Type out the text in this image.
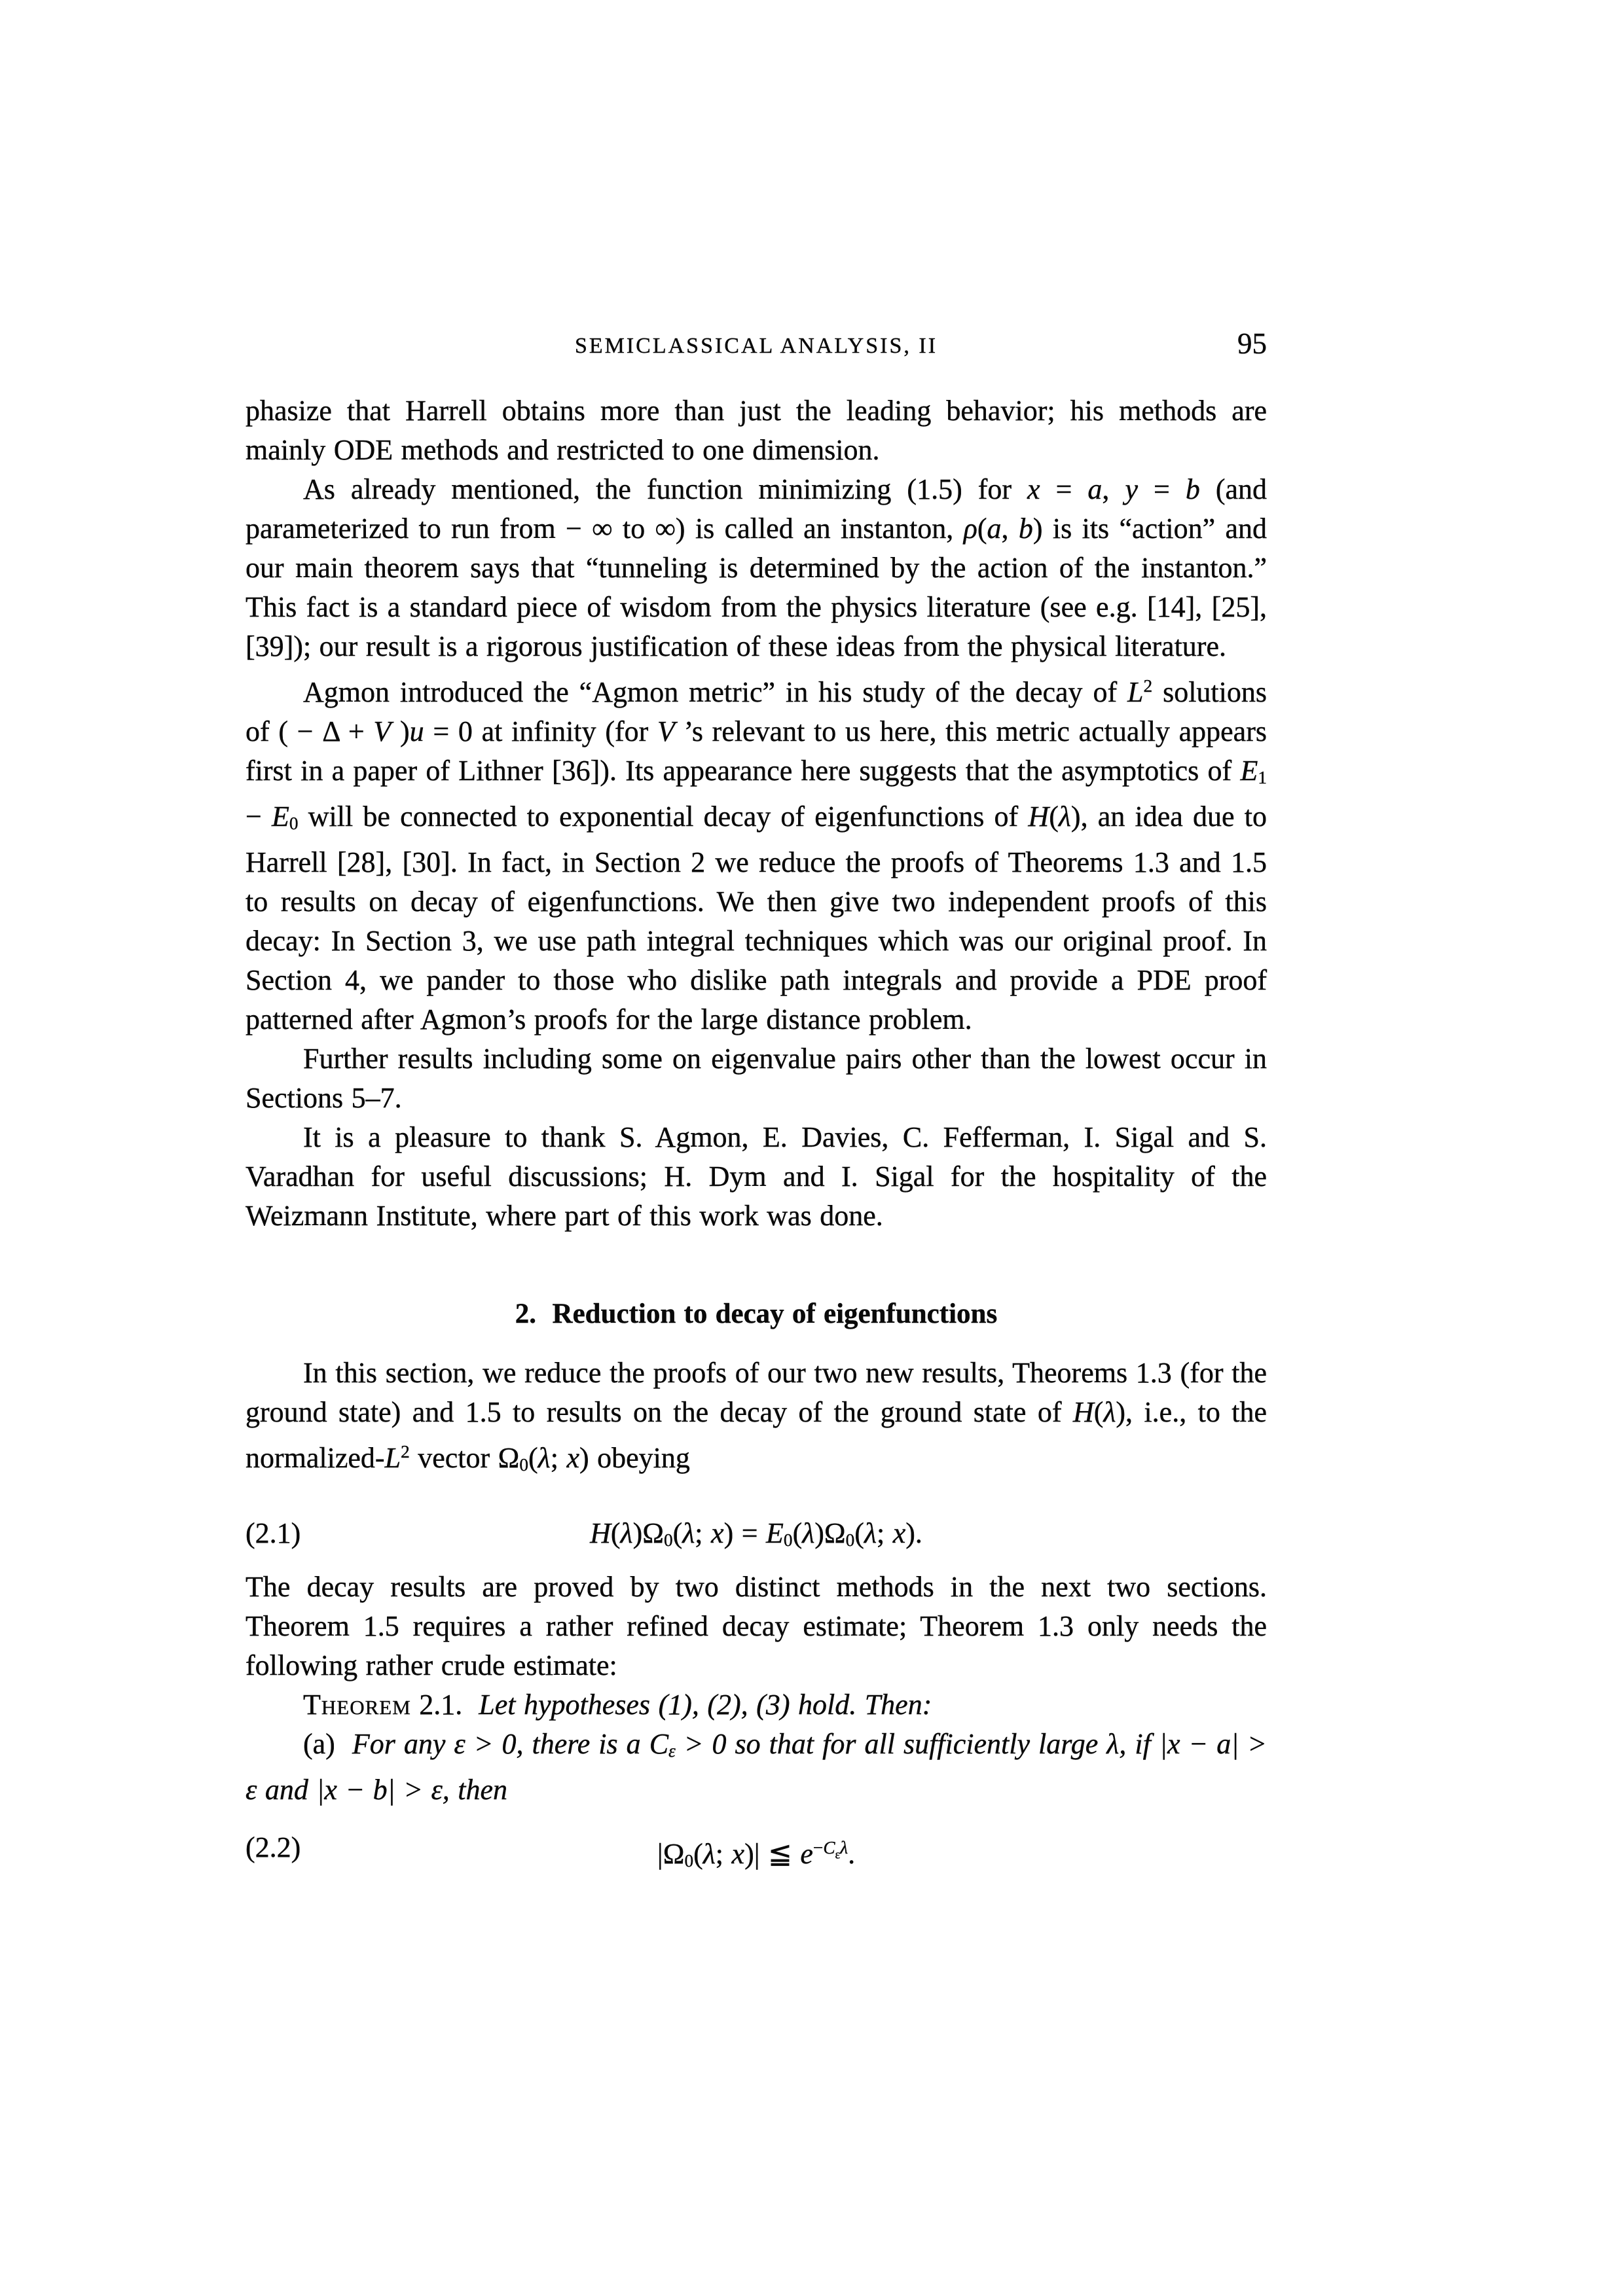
SEMICLASSICAL ANALYSIS, II	95

phasize that Harrell obtains more than just the leading behavior; his methods are mainly ODE methods and restricted to one dimension.

As already mentioned, the function minimizing (1.5) for x = a, y = b (and parameterized to run from − ∞ to ∞) is called an instanton, ρ(a, b) is its “action” and our main theorem says that “tunneling is determined by the action of the instanton.” This fact is a standard piece of wisdom from the physics literature (see e.g. [14], [25], [39]); our result is a rigorous justification of these ideas from the physical literature.

Agmon introduced the “Agmon metric” in his study of the decay of $L^2$ solutions of ( − Δ + V )u = 0 at infinity (for V ’s relevant to us here, this metric actually appears first in a paper of Lithner [36]). Its appearance here suggests that the asymptotics of E1 − E0 will be connected to exponential decay of eigenfunctions of H(λ), an idea due to Harrell [28], [30]. In fact, in Section 2 we reduce the proofs of Theorems 1.3 and 1.5 to results on decay of eigenfunctions. We then give two independent proofs of this decay: In Section 3, we use path integral techniques which was our original proof. In Section 4, we pander to those who dislike path integrals and provide a PDE proof patterned after Agmon’s proofs for the large distance problem.

Further results including some on eigenvalue pairs other than the lowest occur in Sections 5–7.

It is a pleasure to thank S. Agmon, E. Davies, C. Fefferman, I. Sigal and S. Varadhan for useful discussions; H. Dym and I. Sigal for the hospitality of the Weizmann Institute, where part of this work was done.

2.  Reduction to decay of eigenfunctions

In this section, we reduce the proofs of our two new results, Theorems 1.3 (for the ground state) and 1.5 to results on the decay of the ground state of H(λ), i.e., to the normalized-$L^2$ vector Ω0(λ; x) obeying

(2.1)	H(λ)Ω0(λ; x) = E0(λ)Ω0(λ; x).

The decay results are proved by two distinct methods in the next two sections. Theorem 1.5 requires a rather refined decay estimate; Theorem 1.3 only needs the following rather crude estimate:

Theorem 2.1.  Let hypotheses (1), (2), (3) hold. Then:

(a)  For any ε > 0, there is a Cε > 0 so that for all sufficiently large λ, if |x − a| > ε and |x − b| > ε, then

(2.2)	|Ω0(λ; x)| ≦ $e^{-C}\varepsilon^\lambda$.
